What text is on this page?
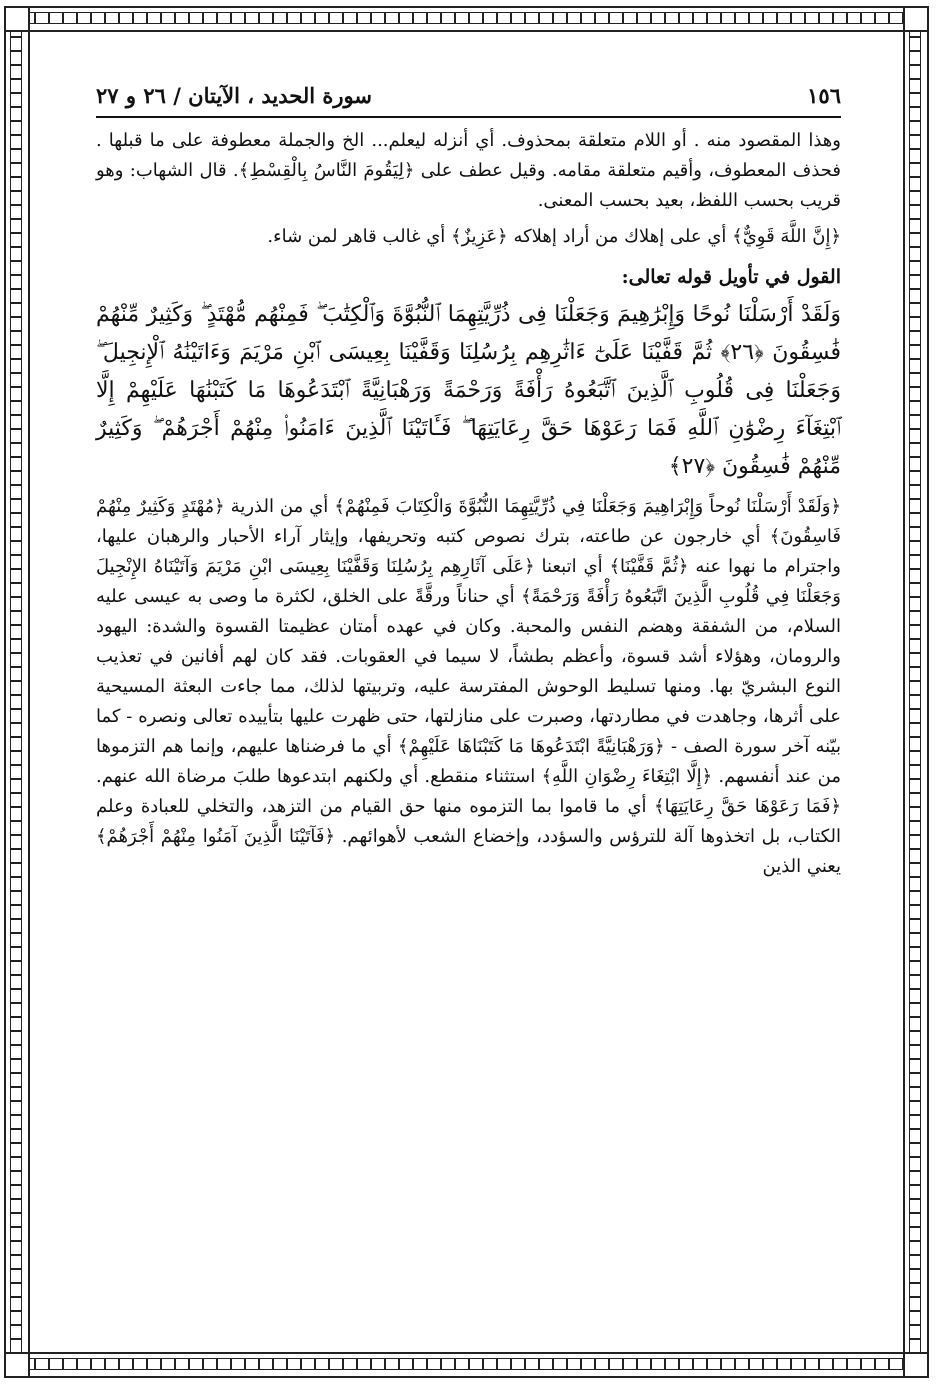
١٥٦
سورة الحديد ، الآيتان / ٢٦ و ٢٧

وهذا المقصود منه . أو اللام متعلقة بمحذوف. أي أنزله ليعلم... الخ والجملة معطوفة على ما قبلها . فحذف المعطوف، وأقيم متعلقة مقامه. وقيل عطف على ﴿لِيَقُومَ النَّاسُ بِالْقِسْطِ﴾. قال الشهاب: وهو قريب بحسب اللفظ، بعيد بحسب المعنى.

﴿إِنَّ اللَّهَ قَوِيٌّ﴾ أي على إهلاك من أراد إهلاكه ﴿عَزِيزٌ﴾ أي غالب قاهر لمن شاء.

القول في تأويل قوله تعالى:

وَلَقَدْ أَرْسَلْنَا نُوحًا وَإِبْرَٰهِيمَ وَجَعَلْنَا فِى ذُرِّيَّتِهِمَا ٱلنُّبُوَّةَ وَٱلْكِتَٰبَ ۖ فَمِنْهُم مُّهْتَدٍ ۖ وَكَثِيرٌ مِّنْهُمْ فَٰسِقُونَ ﴿٢٦﴾ ثُمَّ قَفَّيْنَا عَلَىٰٓ ءَاثَٰرِهِم بِرُسُلِنَا وَقَفَّيْنَا بِعِيسَى ٱبْنِ مَرْيَمَ وَءَاتَيْنَٰهُ ٱلْإِنجِيلَ ۖ وَجَعَلْنَا فِى قُلُوبِ ٱلَّذِينَ ٱتَّبَعُوهُ رَأْفَةً وَرَحْمَةً وَرَهْبَانِيَّةً ٱبْتَدَعُوهَا مَا كَتَبْنَٰهَا عَلَيْهِمْ إِلَّا ٱبْتِغَآءَ رِضْوَٰنِ ٱللَّهِ فَمَا رَعَوْهَا حَقَّ رِعَايَتِهَا ۖ فَـَٔاتَيْنَا ٱلَّذِينَ ءَامَنُوا۟ مِنْهُمْ أَجْرَهُمْ ۖ وَكَثِيرٌ مِّنْهُمْ فَٰسِقُونَ ﴿٢٧﴾

﴿وَلَقَدْ أَرْسَلْنَا نُوحاً وَإِبْرَاهِيمَ وَجَعَلْنَا فِي ذُرِّيَّتِهِمَا النُّبُوَّةَ وَالْكِتَابَ فَمِنْهُمْ﴾ أي من الذرية ﴿مُهْتَدٍ وَكَثِيرٌ مِنْهُمْ فَاسِقُونَ﴾ أي خارجون عن طاعته، بترك نصوص كتبه وتحريفها، وإيثار آراء الأحبار والرهبان عليها، واجترام ما نهوا عنه ﴿ثُمَّ قَفَّيْنَا﴾ أي اتبعنا ﴿عَلَى آثَارِهِم بِرُسُلِنَا وَقَفَّيْنَا بِعِيسَى ابْنِ مَرْيَمَ وَآتَيْنَاهُ الإِنْجِيلَ وَجَعَلْنَا فِي قُلُوبِ الَّذِينَ اتَّبَعُوهُ رَأْفَةً وَرَحْمَةً﴾ أي حناناً ورقَّةً على الخلق، لكثرة ما وصى به عيسى عليه السلام، من الشفقة وهضم النفس والمحبة. وكان في عهده أمتان عظيمتا القسوة والشدة: اليهود والرومان، وهؤلاء أشد قسوة، وأعظم بطشاً، لا سيما في العقوبات. فقد كان لهم أفانين في تعذيب النوع البشريّ بها. ومنها تسليط الوحوش المفترسة عليه، وتربيتها لذلك، مما جاءت البعثة المسيحية على أثرها، وجاهدت في مطاردتها، وصبرت على منازلتها، حتى ظهرت عليها بتأييده تعالى ونصره - كما بيّنه آخر سورة الصف - ﴿وَرَهْبَانِيَّةً ابْتَدَعُوهَا مَا كَتَبْنَاهَا عَلَيْهِمْ﴾ أي ما فرضناها عليهم، وإنما هم التزموها من عند أنفسهم. ﴿إِلَّا ابْتِغَاءَ رِضْوَانِ اللَّهِ﴾ استثناء منقطع. أي ولكنهم ابتدعوها طلبَ مرضاة الله عنهم. ﴿فَمَا رَعَوْهَا حَقَّ رِعَايَتِهَا﴾ أي ما قاموا بما التزموه منها حق القيام من التزهد، والتخلي للعبادة وعلم الكتاب، بل اتخذوها آلة للترؤس والسؤدد، وإخضاع الشعب لأهوائهم. ﴿فَآتَيْنَا الَّذِينَ آمَنُوا مِنْهُمْ أَجْرَهُمْ﴾ يعني الذين
